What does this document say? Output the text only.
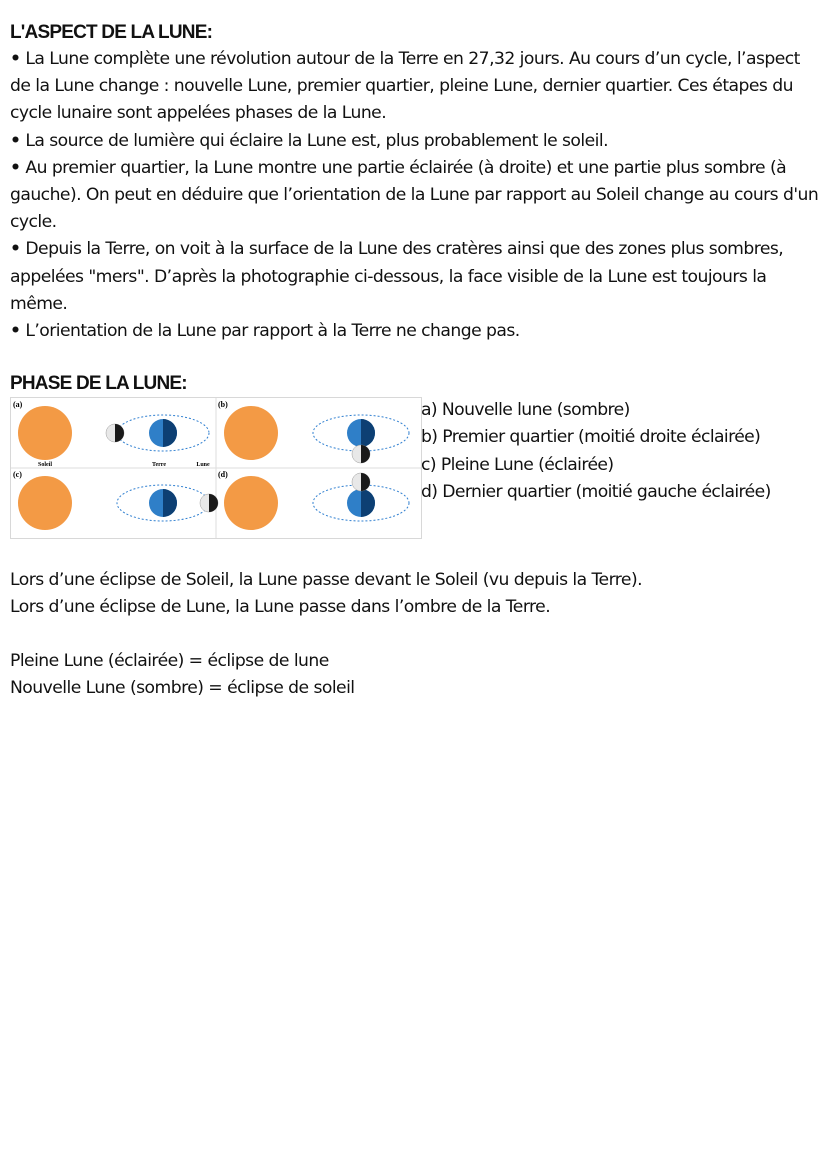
L'ASPECT DE LA LUNE:

• La Lune complète une révolution autour de la Terre en 27,32 jours. Au cours d’un cycle, l’aspect de la Lune change : nouvelle Lune, premier quartier, pleine Lune, dernier quartier. Ces étapes du cycle lunaire sont appelées phases de la Lune.

• La source de lumière qui éclaire la Lune est, plus probablement le soleil.

• Au premier quartier, la Lune montre une partie éclairée (à droite) et une partie plus sombre (à gauche). On peut en déduire que l’orientation de la Lune par rapport au Soleil change au cours d'un cycle.

• Depuis la Terre, on voit à la surface de la Lune des cratères ainsi que des zones plus sombres, appelées "mers". D’après la photographie ci-dessous, la face visible de la Lune est toujours la même.

• L’orientation de la Lune par rapport à la Terre ne change pas.

PHASE DE LA LUNE:
(a)
Soleil	Terre	Lune
(b)
(c)	(d)
a) Nouvelle lune (sombre)
b) Premier quartier (moitié droite éclairée)
c) Pleine Lune (éclairée)
d) Dernier quartier (moitié gauche éclairée)

Lors d’une éclipse de Soleil, la Lune passe devant le Soleil (vu depuis la Terre).

Lors d’une éclipse de Lune, la Lune passe dans l’ombre de la Terre.

Pleine Lune (éclairée) = éclipse de lune

Nouvelle Lune (sombre) = éclipse de soleil
